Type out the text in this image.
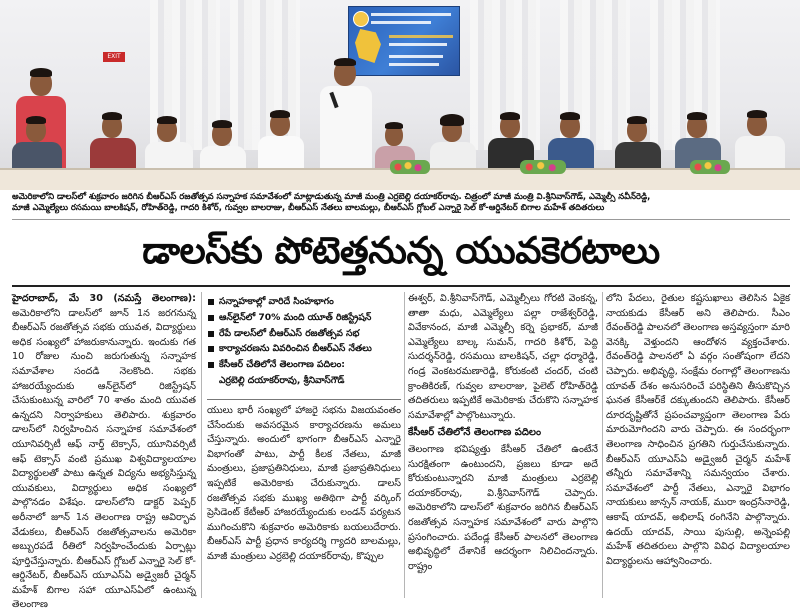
EXIT
అమెరికాలోని డాలస్‌లో శుక్రవారం జరిగిన బీఆర్‌ఎస్ రజతోత్సవ సన్నాహక సమావేశంలో మాట్లాడుతున్న మాజీ మంత్రి ఎర్రబెల్లి దయాకర్‌రావు. చిత్రంలో మాజీ మంత్రి వి.శ్రీనివాస్‌గౌడ్, ఎమ్మెల్సీ నవీన్‌రెడ్డి,
మాజీ ఎమ్మెల్యేలు రసమయి బాలకిషన్, రోహిత్‌రెడ్డి, గాదరి కిశోర్, గువ్వల బాలరాజు, బీఆర్‌ఎస్ నేతలు బాలమల్లు, బీఆర్‌ఎస్ గ్లోబల్ ఎన్నారై సెల్ కో-ఆర్డినేటర్ బిగాల మహేశ్ తదితరులు
డాలస్‌కు పోటెత్తనున్న యువకెరటాలు

హైదరాబాద్, మే 30 (నమస్తే తెలంగాణ): అమెరికాలోని డాలస్‌లో జూన్ 1న జరగనున్న బీఆర్‌ఎస్ రజతోత్సవ సభకు యువత, విద్యార్థులు అధిక సంఖ్యలో హాజరుకానున్నారు. ఇందుకు గత 10 రోజుల నుంచి జరుగుతున్న సన్నాహక సమావేశాల సందడి నెలకొంది. సభకు హాజరయ్యేందుకు ఆన్‌లైన్‌లో రిజిస్ట్రేషన్ చేసుకుంటున్న వారిలో 70 శాతం మంది యువత ఉన్నదని నిర్వాహకులు తెలిపారు. శుక్రవారం డాలస్‌లో నిర్వహించిన సన్నాహక సమావేశంలో యూనివర్సిటీ ఆఫ్ నార్త్ టెక్సాస్, యూనివర్సిటీ ఆఫ్ టెక్సాస్ వంటి ప్రముఖ విశ్వవిద్యాలయాల విద్యార్థులతో పాటు ఉన్నత విద్యను అభ్యసిస్తున్న యువకులు, విద్యార్థులు అధిక సంఖ్యలో పాల్గొనడం విశేషం. డాలస్‌లోని డాక్టర్ పెప్పర్ అరీనాలో జూన్ 1న తెలంగాణ రాష్ట్ర ఆవిర్భావ వేడుకలు, బీఆర్‌ఎస్ రజతోత్సవాలను అమెరికా అబ్బురపడే రీతిలో నిర్వహించేందుకు ఏర్పాట్లు పూర్తిచేస్తున్నారు. బీఆర్‌ఎస్ గ్లోబల్ ఎన్నారై సెల్ కో-ఆర్డినేటర్, బీఆర్‌ఎస్ యూఎస్‌ఏ అడ్వైజరీ చైర్మన్ మహేశ్ బిగాల సహా యూఎస్‌ఏలో ఉంటున్న తెలంగాణ

సన్నాహకాల్లో వారిదే సింహభాగం
ఆన్‌లైన్‌లో 70% మంది యూత్ రిజిస్ట్రేషన్
రేపే డాలస్‌లో బీఆర్‌ఎస్ రజతోత్సవ సభ
కార్యాచరణను వివరించిన బీఆర్‌ఎస్ నేతలు
కేసీఆర్ చేతిలోనే తెలంగాణ పదిలం:
ఎర్రబెల్లి దయాకర్‌రావు, శ్రీనివాస్‌గౌడ్

యులు భారీ సంఖ్యలో హాజరై సభను విజయవంతం చేసేందుకు అవసరమైన కార్యాచరణను అమలు చేస్తున్నారు. అందులో భాగంగా బీఆర్‌ఎస్ ఎన్నారై విభాగంతో పాటు, పార్టీ కీలక నేతలు, మాజీ మంత్రులు, ప్రజాప్రతినిధులు, మాజీ ప్రజాప్రతినిధులు ఇప్పటికే అమెరికాకు చేరుకున్నారు. డాలస్ రజతోత్సవ సభకు ముఖ్య అతిథిగా పార్టీ వర్కింగ్ ప్రెసిడెంట్ కేటీఆర్ హాజరయ్యేందుకు లండన్ పర్యటన ముగించుకొని శుక్రవారం అమెరికాకు బయలుదేరారు. బీఆర్‌ఎస్ పార్టీ ప్రధాన కార్యదర్శి గ్యాదరి బాలమల్లు, మాజీ మంత్రులు ఎర్రబెల్లి దయాకర్‌రావు, కొప్పుల

ఈశ్వర్, వి.శ్రీనివాస్‌గౌడ్, ఎమ్మెల్సీలు గోరటి వెంకన్న, తాతా మధు, ఎమ్మెల్యేలు పల్లా రాజేశ్వర్‌రెడ్డి, వివేకానంద, మాజీ ఎమ్మెల్సీ కర్నె ప్రభాకర్, మాజీ ఎమ్మెల్యేలు బాల్క సుమన్, గాదరి కిశోర్, పెద్ది సుదర్శన్‌రెడ్డి, రసమయి బాలకిషన్, చల్లా ధర్మారెడ్డి, గండ్ర వెంకటరమణారెడ్డి, కోరుకంటి చందర్, చంటి క్రాంతికిరణ్, గువ్వల బాలరాజు, పైలెట్ రోహిత్‌రెడ్డి తదితరులు ఇప్పటికే అమెరికాకు చేరుకొని సన్నాహక సమావేశాల్లో పాల్గొంటున్నారు.

కేసీఆర్ చేతిలోనే తెలంగాణ పదిలం

తెలంగాణ భవిష్యత్తు కేసీఆర్ చేతిలో ఉంటేనే సురక్షితంగా ఉంటుందని, ప్రజలు కూడా అదే కోరుకుంటున్నారని మాజీ మంత్రులు ఎర్రబెల్లి దయాకర్‌రావు, వి.శ్రీనివాస్‌గౌడ్ చెప్పారు. అమెరికాలోని డాలస్‌లో శుక్రవారం జరిగిన బీఆర్‌ఎస్ రజతోత్సవ సన్నాహక సమావేశంలో వారు పాల్గొని ప్రసంగించారు. పదేండ్ల కేసీఆర్ పాలనలో తెలంగాణ అభివృద్ధిలో దేశానికే ఆదర్శంగా నిలిచిందన్నారు. రాష్ట్రం

లోని పేదలు, రైతుల కష్టసుఖాలు తెలిసిన ఏకైక నాయకుడు కేసీఆర్ అని తెలిపారు. సీఎం రేవంత్‌రెడ్డి పాలనలో తెలంగాణ అస్తవ్యస్తంగా మారి వెనక్కి వెళ్తుందని ఆందోళన వ్యక్తంచేశారు. రేవంత్‌రెడ్డి పాలనలో ఏ వర్గం సంతోషంగా లేదని చెప్పారు. అభివృద్ధి, సంక్షేమ రంగాల్లో తెలంగాణను యావత్ దేశం అనుసరించే పరిస్థితిని తీసుకొచ్చిన ఘనత కేసీఆర్‌కే దక్కుతుందని తెలిపారు. కేసీఆర్ దూరదృష్టితోనే ప్రపంచవ్యాప్తంగా తెలంగాణ పేరు మారుమోగిందని వారు చెప్పారు. ఈ సందర్భంగా తెలంగాణ సాధించిన ప్రగతిని గుర్తుచేసుకున్నారు. బీఆర్‌ఎస్ యూఎస్‌ఏ అడ్వైజరీ చైర్మన్ మహేశ్ తన్నీరు సమావేశాన్ని సమన్వయం చేశారు. సమావేశంలో పార్టీ నేతలు, ఎన్నారై విభాగం నాయకులు జాన్సన్ నాయక్, మురా ఇంద్రసేనారెడ్డి, ఆకాష్ యాదవ్, అభిలాష్ రంగినేని పాల్గొన్నారు. ఉదయ్ యాదవ్, సాయి పుసుల్లి, అన్నెంపల్లి మహేశ్ తదితరులు పాల్గొని వివిధ విద్యాలయాల విద్యార్థులను ఆహ్వానించారు.
